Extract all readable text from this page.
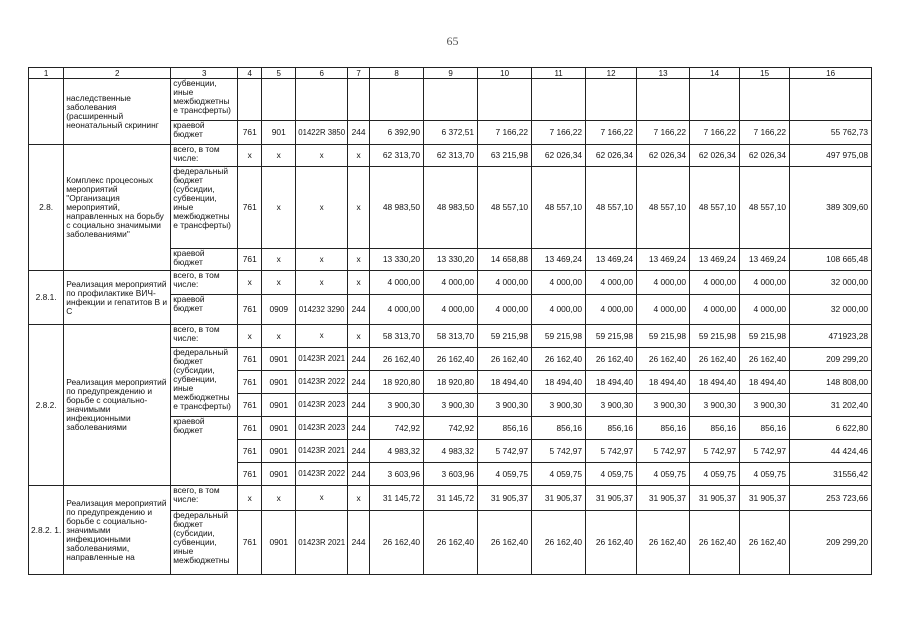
65
1	2	3	4	5	6	7	8	9	10	11	12	13	14	15	16
	наследственные заболевания (расширенный неонатальный скрининг	субвенции, иные межбюджетны е трансферты)													
		краевой бюджет	761	901	01422R 3850	244	6 392,90	6 372,51	7 166,22	7 166,22	7 166,22	7 166,22	7 166,22	7 166,22	55 762,73
2.8.	Комплекс процесоных мероприятий "Организация мероприятий, направленных на борьбу с социально значимыми заболеваниями"	всего, в том числе:	x	x	x	x	62 313,70	62 313,70	63 215,98	62 026,34	62 026,34	62 026,34	62 026,34	62 026,34	497 975,08
		федеральный бюджет (субсидии, субвенции, иные межбюджетны е трансферты)	761	x	x	x	48 983,50	48 983,50	48 557,10	48 557,10	48 557,10	48 557,10	48 557,10	48 557,10	389 309,60
		краевой бюджет	761	x	x	x	13 330,20	13 330,20	14 658,88	13 469,24	13 469,24	13 469,24	13 469,24	13 469,24	108 665,48
2.8.1.	Реализация мероприятий по профилактике ВИЧ-инфекции и гепатитов В и С	всего, в том числе:	x	x	x	x	4 000,00	4 000,00	4 000,00	4 000,00	4 000,00	4 000,00	4 000,00	4 000,00	32 000,00
		краевой бюджет	761	0909	014232 3290	244	4 000,00	4 000,00	4 000,00	4 000,00	4 000,00	4 000,00	4 000,00	4 000,00	32 000,00
2.8.2.	Реализация мероприятий по предупреждению и борьбе с социально-значимыми инфекционными заболеваниями	всего, в том числе:	x	x	x	x	58 313,70	58 313,70	59 215,98	59 215,98	59 215,98	59 215,98	59 215,98	59 215,98	471923,28
		федеральный бюджет (субсидии, субвенции, иные межбюджетны е трансферты)	761	0901	01423R 2021	244	26 162,40	26 162,40	26 162,40	26 162,40	26 162,40	26 162,40	26 162,40	26 162,40	209 299,20
			761	0901	01423R 2022	244	18 920,80	18 920,80	18 494,40	18 494,40	18 494,40	18 494,40	18 494,40	18 494,40	148 808,00
			761	0901	01423R 2023	244	3 900,30	3 900,30	3 900,30	3 900,30	3 900,30	3 900,30	3 900,30	3 900,30	31 202,40
		краевой бюджет	761	0901	01423R 2023	244	742,92	742,92	856,16	856,16	856,16	856,16	856,16	856,16	6 622,80
			761	0901	01423R 2021	244	4 983,32	4 983,32	5 742,97	5 742,97	5 742,97	5 742,97	5 742,97	5 742,97	44 424,46
			761	0901	01423R 2022	244	3 603,96	3 603,96	4 059,75	4 059,75	4 059,75	4 059,75	4 059,75	4 059,75	31556,42
2.8.2. 1.	Реализация мероприятий по предупреждению и борьбе с социально-значимыми инфекционными заболеваниями, направленные на	всего, в том числе:	x	x	x	x	31 145,72	31 145,72	31 905,37	31 905,37	31 905,37	31 905,37	31 905,37	31 905,37	253 723,66
		федеральный бюджет (субсидии, субвенции, иные межбюджетны	761	0901	01423R 2021	244	26 162,40	26 162,40	26 162,40	26 162,40	26 162,40	26 162,40	26 162,40	26 162,40	209 299,20
